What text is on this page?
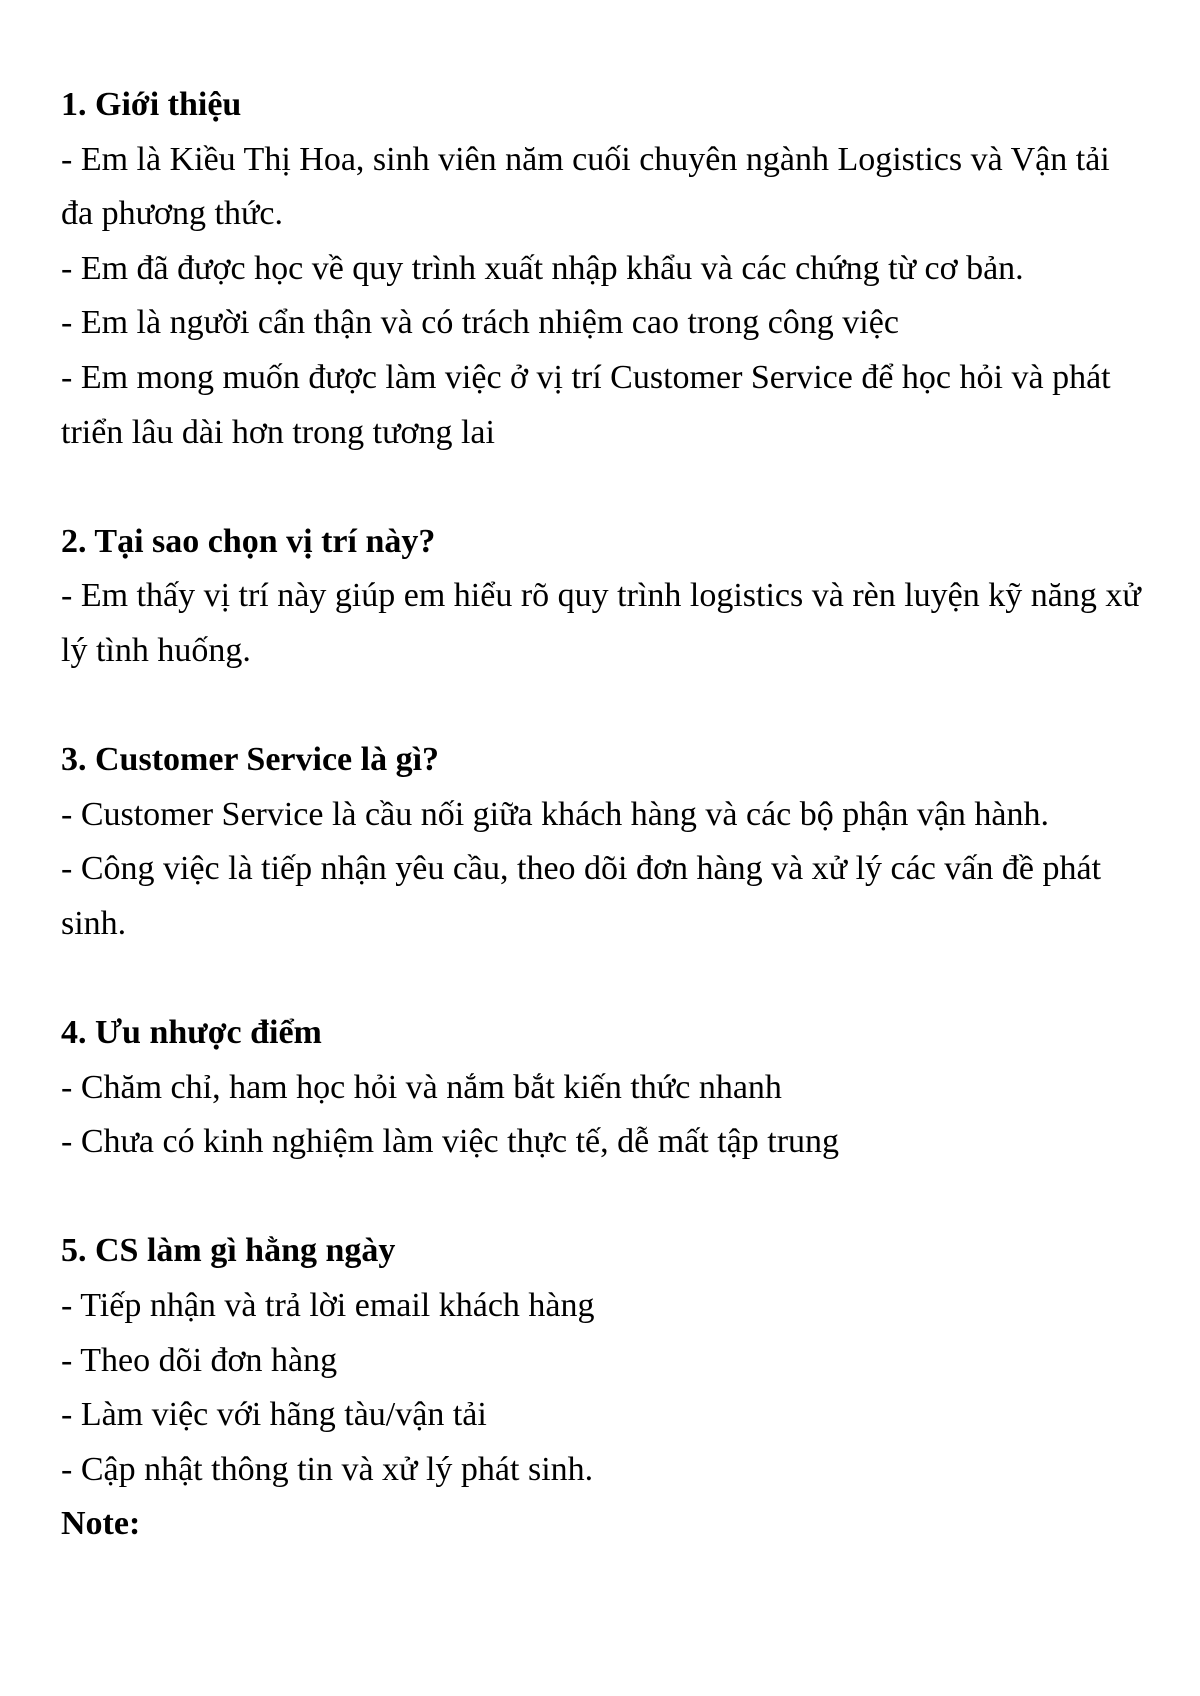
1. Giới thiệu

- Em là Kiều Thị Hoa, sinh viên năm cuối chuyên ngành Logistics và Vận tải đa phương thức.

- Em đã được học về quy trình xuất nhập khẩu và các chứng từ cơ bản.

- Em là người cẩn thận và có trách nhiệm cao trong công việc

- Em mong muốn được làm việc ở vị trí Customer Service để học hỏi và phát triển lâu dài hơn trong tương lai

2. Tại sao chọn vị trí này?

- Em thấy vị trí này giúp em hiểu rõ quy trình logistics và rèn luyện kỹ năng xử lý tình huống.

3. Customer Service là gì?

- Customer Service là cầu nối giữa khách hàng và các bộ phận vận hành.

- Công việc là tiếp nhận yêu cầu, theo dõi đơn hàng và xử lý các vấn đề phát sinh.

4. Ưu nhược điểm

- Chăm chỉ, ham học hỏi và nắm bắt kiến thức nhanh

- Chưa có kinh nghiệm làm việc thực tế, dễ mất tập trung

5. CS làm gì hằng ngày

- Tiếp nhận và trả lời email khách hàng

- Theo dõi đơn hàng

- Làm việc với hãng tàu/vận tải

- Cập nhật thông tin và xử lý phát sinh.

Note:
